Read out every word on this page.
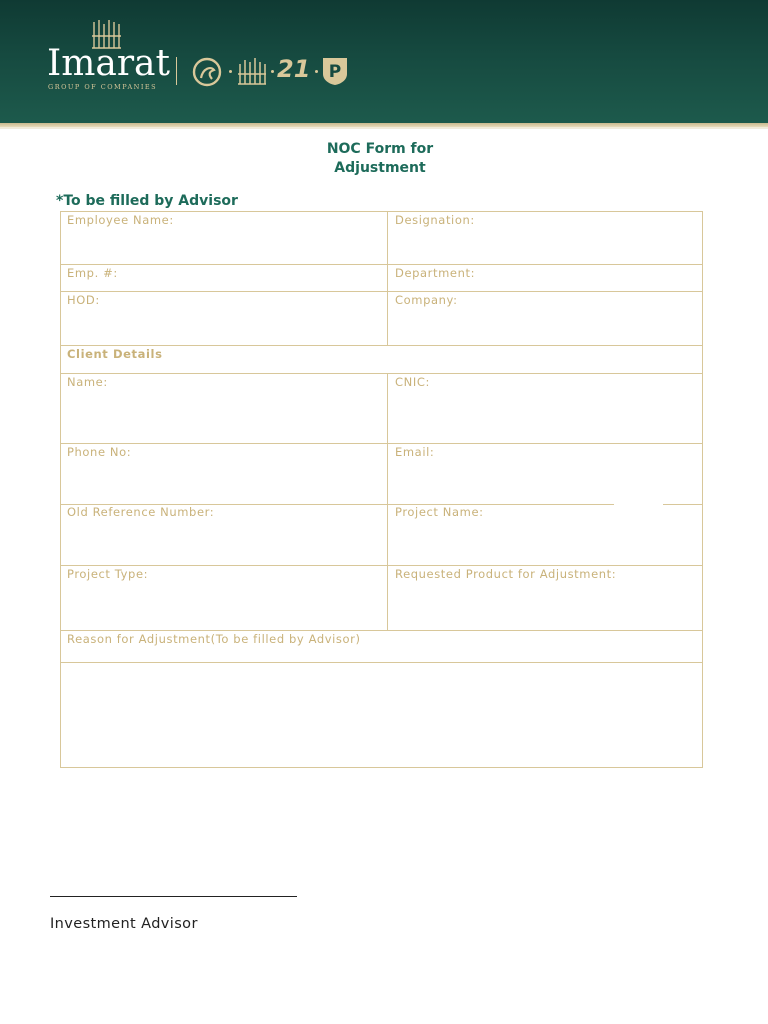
Imarat
GROUP OF COMPANIES
21 P
NOC Form for
Adjustment
*To be filled by Advisor
Employee Name:	Designation:
Emp. #:	Department:
HOD:	Company:
Client Details
Name:	CNIC:
Phone No:	Email:
Old Reference Number:	Project Name:
Project Type:	Requested Product for Adjustment:
Reason for Adjustment(To be filled by Advisor)
Investment Advisor
